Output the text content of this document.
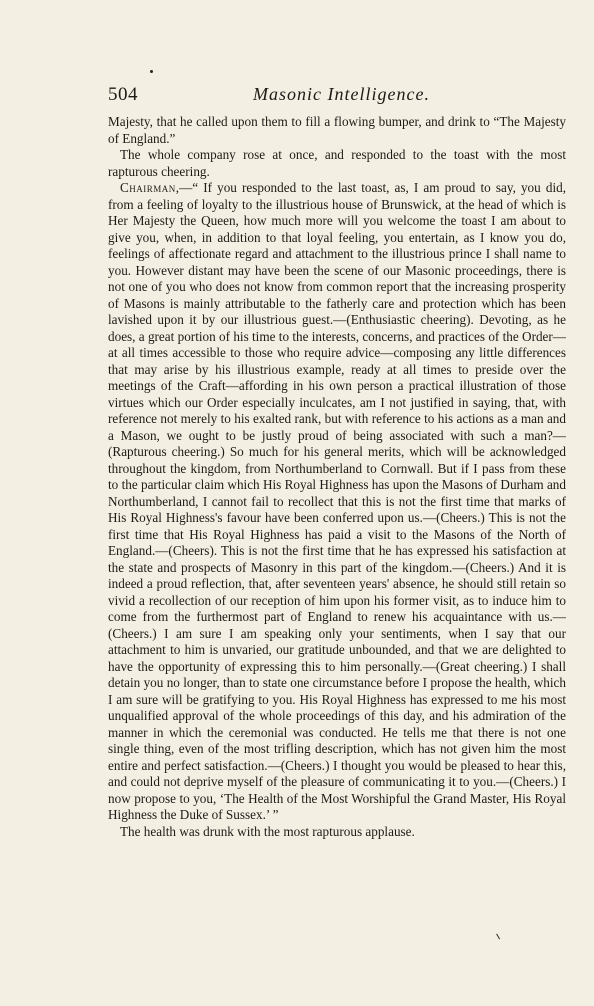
504	Masonic Intelligence.

Majesty, that he called upon them to fill a flowing bumper, and drink to “The Majesty of England.”

The whole company rose at once, and responded to the toast with the most rapturous cheering.

Chairman,—“ If you responded to the last toast, as, I am proud to say, you did, from a feeling of loyalty to the illustrious house of Brunswick, at the head of which is Her Majesty the Queen, how much more will you welcome the toast I am about to give you, when, in addition to that loyal feeling, you entertain, as I know you do, feelings of affectionate regard and attachment to the illustrious prince I shall name to you. However distant may have been the scene of our Masonic proceedings, there is not one of you who does not know from common report that the increasing prosperity of Masons is mainly attributable to the fatherly care and protection which has been lavished upon it by our illustrious guest.—(Enthusiastic cheering). Devoting, as he does, a great portion of his time to the interests, concerns, and practices of the Order—at all times accessible to those who require advice—composing any little differences that may arise by his illustrious example, ready at all times to preside over the meetings of the Craft—affording in his own person a practical illustration of those virtues which our Order especially inculcates, am I not justified in saying, that, with reference not merely to his exalted rank, but with reference to his actions as a man and a Mason, we ought to be justly proud of being associated with such a man?—(Rapturous cheering.) So much for his general merits, which will be acknowledged throughout the kingdom, from Northumberland to Cornwall. But if I pass from these to the particular claim which His Royal Highness has upon the Masons of Durham and Northumberland, I cannot fail to recollect that this is not the first time that marks of His Royal Highness's favour have been conferred upon us.—(Cheers.) This is not the first time that His Royal Highness has paid a visit to the Masons of the North of England.—(Cheers). This is not the first time that he has expressed his satisfaction at the state and prospects of Masonry in this part of the kingdom.—(Cheers.) And it is indeed a proud reflection, that, after seventeen years' absence, he should still retain so vivid a recollection of our reception of him upon his former visit, as to induce him to come from the furthermost part of England to renew his acquaintance with us.—(Cheers.) I am sure I am speaking only your sentiments, when I say that our attachment to him is unvaried, our gratitude unbounded, and that we are delighted to have the opportunity of expressing this to him personally.—(Great cheering.) I shall detain you no longer, than to state one circumstance before I propose the health, which I am sure will be gratifying to you. His Royal Highness has expressed to me his most unqualified approval of the whole proceedings of this day, and his admiration of the manner in which the ceremonial was conducted. He tells me that there is not one single thing, even of the most trifling description, which has not given him the most entire and perfect satisfaction.—(Cheers.) I thought you would be pleased to hear this, and could not deprive myself of the pleasure of communicating it to you.—(Cheers.) I now propose to you, ‘The Health of the Most Worshipful the Grand Master, His Royal Highness the Duke of Sussex.’ ”

The health was drunk with the most rapturous applause.
